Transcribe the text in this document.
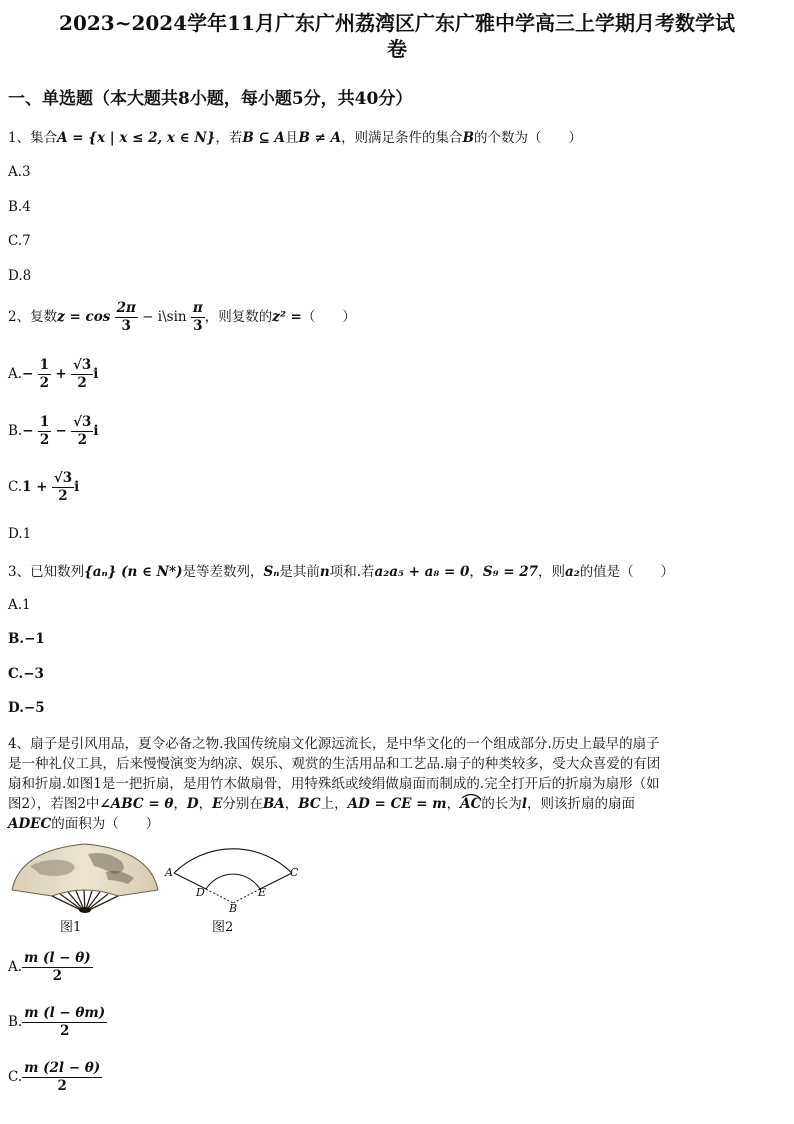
2023~2024学年11月广东广州荔湾区广东广雅中学高三上学期月考数学试
卷
一、单选题（本大题共8小题，每小题5分，共40分）
1、集合A = {x | x ≤ 2, x ∈ N}，若B ⊆ A且B ≠ A，则满足条件的集合B的个数为（　　）
A.3
B.4
C.7
D.8
2、复数$z = \cos \frac{2\pi}{3}$ − i\sin $\frac{\pi}{3}$ ，则复数的z² =（　　）
$A.- \frac{1}{2} + \frac{√3}{2}$ i
$B.- \frac{1}{2} - \frac{√3}{2}$ i
$C.1 + \frac{√3}{2}$ i
D.1
3、已知数列{aₙ} (n ∈ N*)是等差数列，Sₙ是其前n项和.若a₂a₅ + a₈ = 0，S₉ = 27，则a₂的值是（　　）
A.1
B.−1
C.−3
D.−5
4、扇子是引风用品，夏令必备之物.我国传统扇文化源远流长，是中华文化的一个组成部分.历史上最早的扇子
是一种礼仪工具，后来慢慢演变为纳凉、娱乐、观赏的生活用品和工艺品.扇子的种类较多，受大众喜爱的有团
扇和折扇.如图1是一把折扇，是用竹木做扇骨，用特殊纸或绫绢做扇面而制成的.完全打开后的折扇为扇形（如
图2），若图2中∠ABC = θ，D，E分别在BA，BC上，AD = CE = m，AC
的长为l，则该折扇的扇面
ADEC的面积为（　　）
图1
A	C
D	E
B
图2
A. $\frac{m (l - \theta)}{2}$
B. $\frac{m (l - \theta m)}{2}$
C. $\frac{m (2l - \theta)}{2}$
